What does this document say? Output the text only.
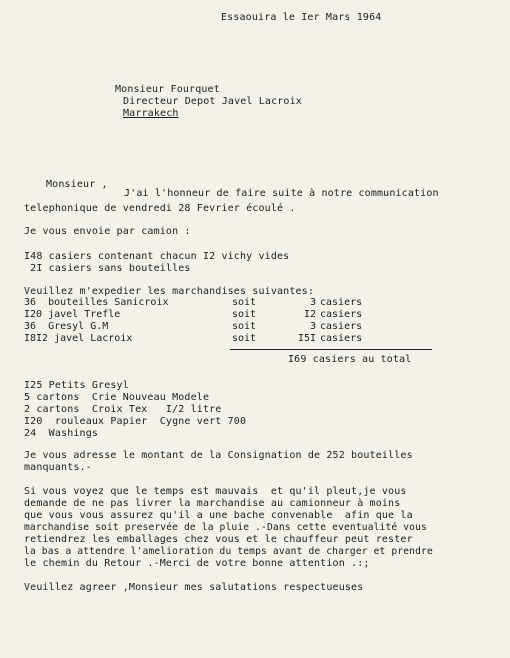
Essaouira le Ier Mars 1964
Monsieur Fourquet
Directeur Depot Javel Lacroix
Marrakech
Monsieur ,
J'ai l'honneur de faire suite à notre communication
telephonique de vendredi 28 Fevrier écoulé .
Je vous envoie par camion :
I48 casiers contenant chacun I2 vichy vides
2I casiers sans bouteilles
Veuillez m'expedier les marchandises suivantes:
36  bouteilles Sanicroix	soit	3 casiers
I20 javel Trefle	soit	I2 casiers
36  Gresyl G.M	soit	3 casiers
I8I2 javel Lacroix	soit	I5I casiers
I69 casiers au total
I25 Petits Gresyl
5 cartons  Crie Nouveau Modele
2 cartons  Croix Tex   I/2 litre
I20  rouleaux Papier  Cygne vert 700
24  Washings
Je vous adresse le montant de la Consignation de 252 bouteilles
manquants.-
Si vous voyez que le temps est mauvais  et qu'il pleut,je vous
demande de ne pas livrer la marchandise au camionneur à moins
que vous vous assurez qu'il a une bache convenable  afin que la
marchandise soit preservée de la pluie .-Dans cette eventualité vous
retiendrez les emballages chez vous et le chauffeur peut rester
la bas a attendre l'amelioration du temps avant de charger et prendre
le chemin du Retour .-Merci de votre bonne attention .:;
Veuillez agreer ,Monsieur mes salutations respectueuses
